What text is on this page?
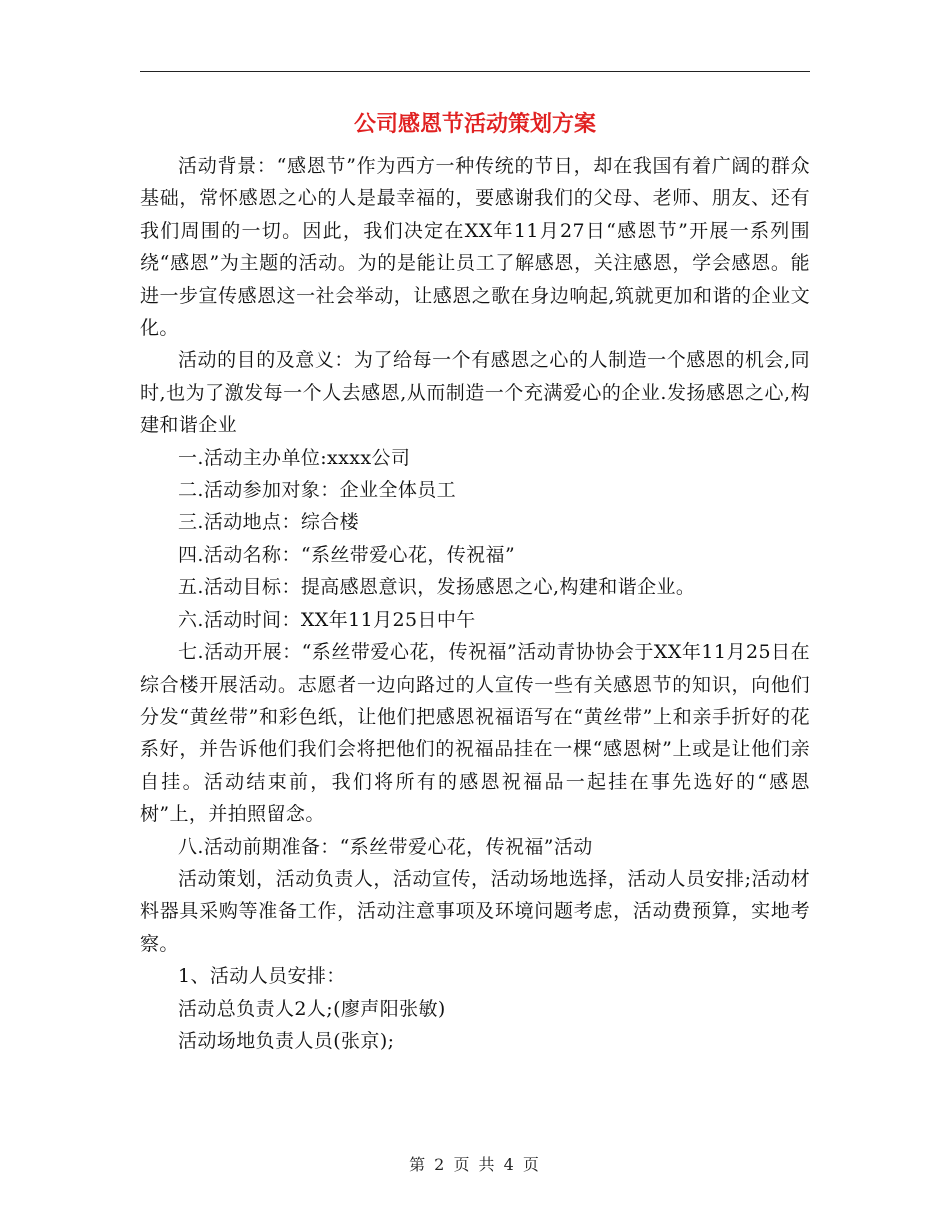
公司感恩节活动策划方案

活动背景：“感恩节”作为西方一种传统的节日，却在我国有着广阔的群众基础，常怀感恩之心的人是最幸福的，要感谢我们的父母、老师、朋友、还有我们周围的一切。因此，我们决定在XX年11月27日“感恩节”开展一系列围绕“感恩”为主题的活动。为的是能让员工了解感恩，关注感恩，学会感恩。能进一步宣传感恩这一社会举动，让感恩之歌在身边响起,筑就更加和谐的企业文化。

活动的目的及意义：为了给每一个有感恩之心的人制造一个感恩的机会,同时,也为了激发每一个人去感恩,从而制造一个充满爱心的企业.发扬感恩之心,构建和谐企业

一.活动主办单位:xxxx公司

二.活动参加对象：企业全体员工

三.活动地点：综合楼

四.活动名称：“系丝带爱心花，传祝福”

五.活动目标：提高感恩意识，发扬感恩之心,构建和谐企业。

六.活动时间：XX年11月25日中午

七.活动开展：“系丝带爱心花，传祝福”活动青协协会于XX年11月25日在综合楼开展活动。志愿者一边向路过的人宣传一些有关感恩节的知识，向他们分发“黄丝带”和彩色纸，让他们把感恩祝福语写在“黄丝带”上和亲手折好的花系好，并告诉他们我们会将把他们的祝福品挂在一棵“感恩树”上或是让他们亲自挂。活动结束前，我们将所有的感恩祝福品一起挂在事先选好的“感恩树”上，并拍照留念。

八.活动前期准备：“系丝带爱心花，传祝福”活动

活动策划，活动负责人，活动宣传，活动场地选择，活动人员安排;活动材料器具采购等准备工作，活动注意事项及环境问题考虑，活动费预算，实地考察。

1、活动人员安排：

活动总负责人2人;(廖声阳张敏)

活动场地负责人员(张京);

第 2 页 共 4 页
